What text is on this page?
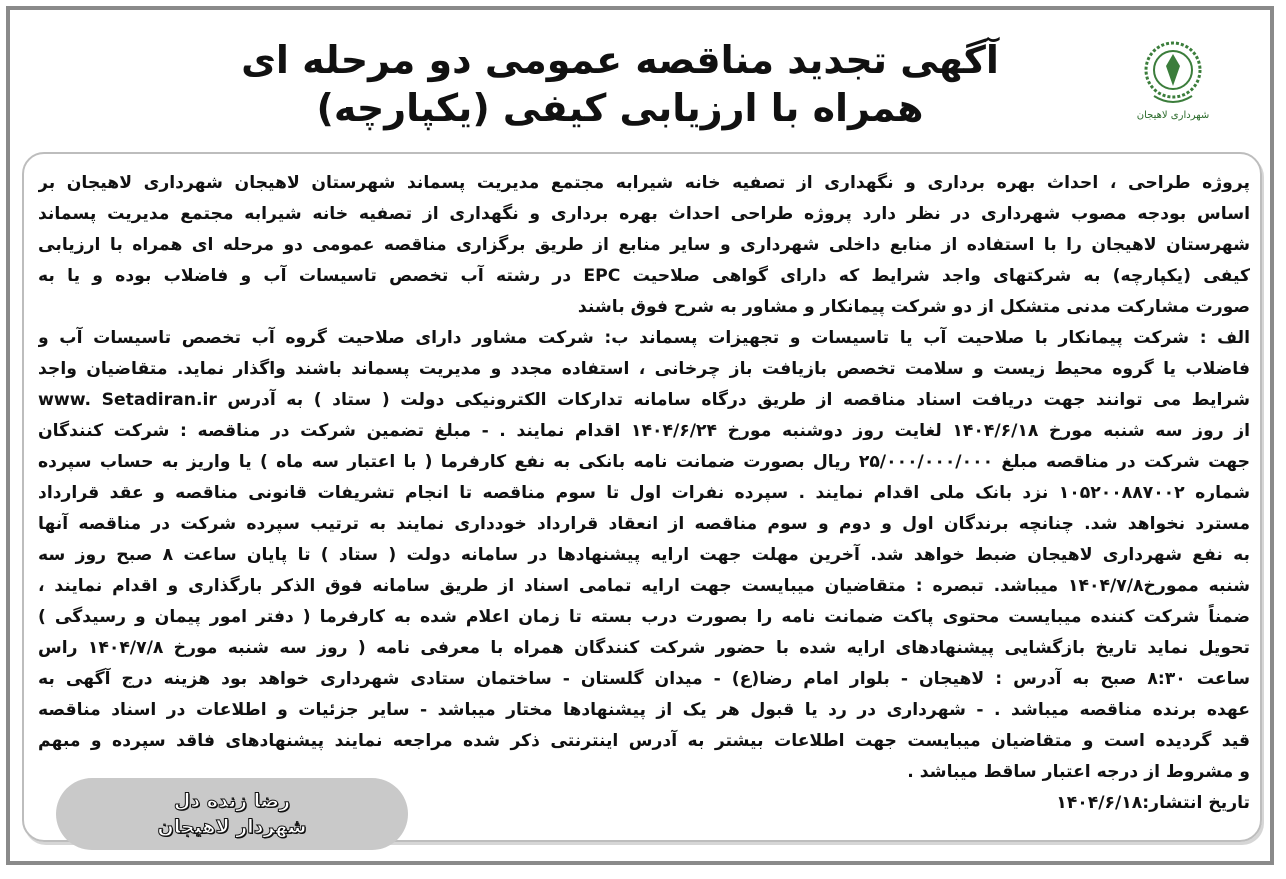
شهرداری لاهیجان
آگهی تجدید مناقصه عمومی دو مرحله ای
همراه با ارزیابی کیفی (یکپارچه)
پروژه طراحی ، احداث بهره برداری و نگهداری از تصفیه خانه شیرابه مجتمع مدیریت پسماند شهرستان لاهیجان شهرداری لاهیجان بر
اساس بودجه مصوب شهرداری در نظر دارد پروژه طراحی احداث بهره برداری و نگهداری از تصفیه خانه شیرابه مجتمع مدیریت پسماند
شهرستان لاهیجان را با استفاده از منابع داخلی شهرداری و سایر منابع از طریق برگزاری مناقصه عمومی دو مرحله ای همراه با ارزیابی
کیفی (یکپارچه) به شرکتهای واجد شرایط که دارای گواهی صلاحیت EPC در رشته آب تخصص تاسیسات آب و فاضلاب بوده و یا به
صورت مشارکت مدنی متشکل از دو شرکت پیمانکار و مشاور به شرح فوق باشند
الف : شرکت پیمانکار با صلاحیت آب یا تاسیسات و تجهیزات پسماند ب: شرکت مشاور دارای صلاحیت گروه آب تخصص تاسیسات آب و
فاضلاب یا گروه محیط زیست و سلامت تخصص بازیافت باز چرخانی ، استفاده مجدد و مدیریت پسماند باشند واگذار نماید. متقاضیان واجد
شرایط می توانند جهت دریافت اسناد مناقصه از طریق درگاه سامانه تدارکات الکترونیکی دولت ( ستاد ) به آدرس www. Setadiran.ir
از روز سه شنبه مورخ ۱۴۰۴/۶/۱۸ لغایت روز دوشنبه مورخ ۱۴۰۴/۶/۲۴ اقدام نمایند . - مبلغ تضمین شرکت در مناقصه : شرکت کنندگان
جهت شرکت در مناقصه مبلغ ۲۵/۰۰۰/۰۰۰/۰۰۰ ریال بصورت ضمانت نامه بانکی به نفع کارفرما ( با اعتبار سه ماه ) یا واریز به حساب سپرده
شماره ۱۰۵۲۰۰۸۸۷۰۰۲ نزد بانک ملی اقدام نمایند . سپرده نفرات اول تا سوم مناقصه تا انجام تشریفات قانونی مناقصه و عقد قرارداد
مسترد نخواهد شد. چنانچه برندگان اول و دوم و سوم مناقصه از انعقاد قرارداد خودداری نمایند به ترتیب سپرده شرکت در مناقصه آنها
به نفع شهرداری لاهیجان ضبط خواهد شد. آخرین مهلت جهت ارایه پیشنهادها در سامانه دولت ( ستاد ) تا پایان ساعت ۸ صبح روز سه
شنبه ممورخ۱۴۰۴/۷/۸ میباشد. تبصره : متقاضیان میبایست جهت ارایه تمامی اسناد از طریق سامانه فوق الذکر بارگذاری و اقدام نمایند ،
ضمناً شرکت کننده میبایست محتوی پاکت ضمانت نامه را بصورت درب بسته تا زمان اعلام شده به کارفرما ( دفتر امور پیمان و رسیدگی )
تحویل نماید تاریخ بازگشایی پیشنهادهای ارایه شده با حضور شرکت کنندگان همراه با معرفی نامه ( روز سه شنبه مورخ ۱۴۰۴/۷/۸ راس
ساعت ۸:۳۰ صبح به آدرس : لاهیجان - بلوار امام رضا(ع) - میدان گلستان - ساختمان ستادی شهرداری خواهد بود هزینه درج آگهی به
عهده برنده مناقصه میباشد . - شهرداری در رد یا قبول هر یک از پیشنهادها مختار میباشد - سایر جزئیات و اطلاعات در اسناد مناقصه
قید گردیده است و متقاضیان میبایست جهت اطلاعات بیشتر به آدرس اینترنتی ذکر شده مراجعه نمایند پیشنهادهای فاقد سپرده و مبهم
و مشروط از درجه اعتبار ساقط میباشد .
تاریخ انتشار:۱۴۰۴/۶/۱۸
رضا زنده دل
شهردار لاهیجان
